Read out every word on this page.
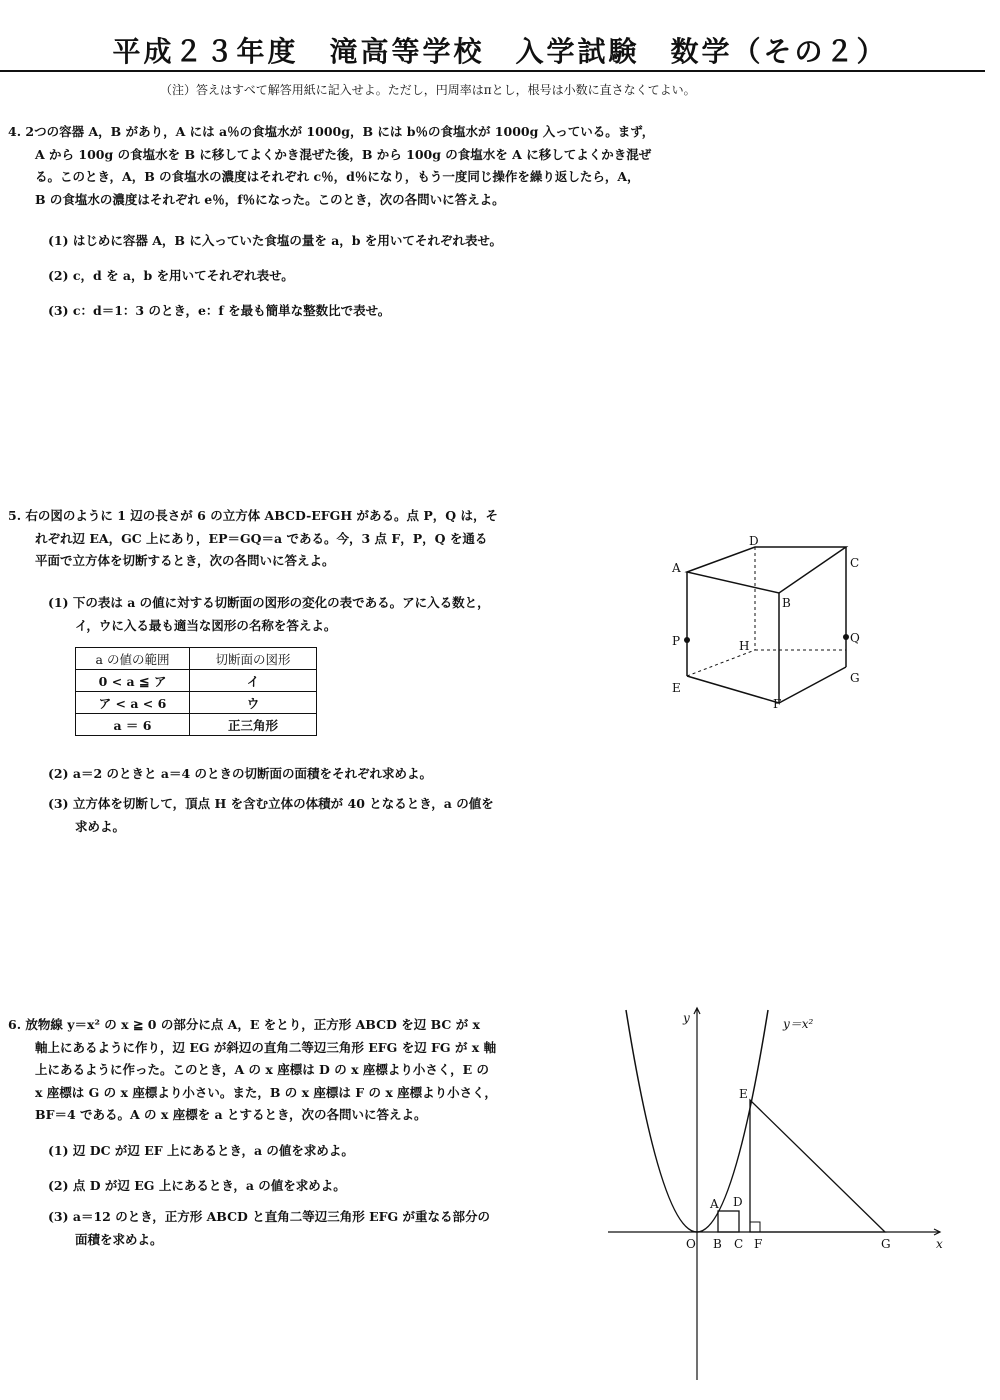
平成２３年度　滝高等学校　入学試験　数学（その２）
（注）答えはすべて解答用紙に記入せよ。ただし，円周率はπとし，根号は小数に直さなくてよい。
4. 2つの容器 A，B があり，A には a％の食塩水が 1000g，B には b％の食塩水が 1000g 入っている。まず，
A から 100g の食塩水を B に移してよくかき混ぜた後，B から 100g の食塩水を A に移してよくかき混ぜ
る。このとき，A，B の食塩水の濃度はそれぞれ c％，d％になり，もう一度同じ操作を繰り返したら，A，
B の食塩水の濃度はそれぞれ e％，f％になった。このとき，次の各問いに答えよ。
(1) はじめに容器 A，B に入っていた食塩の量を a，b を用いてそれぞれ表せ。
(2) c，d を a，b を用いてそれぞれ表せ。
(3) c：d＝1：3 のとき，e：f を最も簡単な整数比で表せ。
5. 右の図のように 1 辺の長さが 6 の立方体 ABCD-EFGH がある。点 P，Q は，そ
れぞれ辺 EA，GC 上にあり，EP＝GQ＝a である。今，3 点 F，P，Q を通る
平面で立方体を切断するとき，次の各問いに答えよ。
(1) 下の表は a の値に対する切断面の図形の変化の表である。アに入る数と，
イ，ウに入る最も適当な図形の名称を答えよ。
a の値の範囲	切断面の図形
0 < a ≦ ア	イ
ア < a < 6	ウ
a ＝ 6	正三角形
(2) a＝2 のときと a＝4 のときの切断面の面積をそれぞれ求めよ。
(3) 立方体を切断して，頂点 H を含む立体の体積が 40 となるとき，a の値を
求めよ。
A
B
C
D
E
F
G
H
P	Q
6. 放物線 y＝x² の x ≧ 0 の部分に点 A，E をとり，正方形 ABCD を辺 BC が x
軸上にあるように作り，辺 EG が斜辺の直角二等辺三角形 EFG を辺 FG が x 軸
上にあるように作った。このとき，A の x 座標は D の x 座標より小さく，E の
x 座標は G の x 座標より小さい。また，B の x 座標は F の x 座標より小さく，
BF＝4 である。A の x 座標を a とするとき，次の各問いに答えよ。
(1) 辺 DC が辺 EF 上にあるとき，a の値を求めよ。
(2) 点 D が辺 EG 上にあるとき，a の値を求めよ。
(3) a＝12 のとき，正方形 ABCD と直角二等辺三角形 EFG が重なる部分の
面積を求めよ。
y
x
y＝x²
O
A
B C
D
E
F	G
